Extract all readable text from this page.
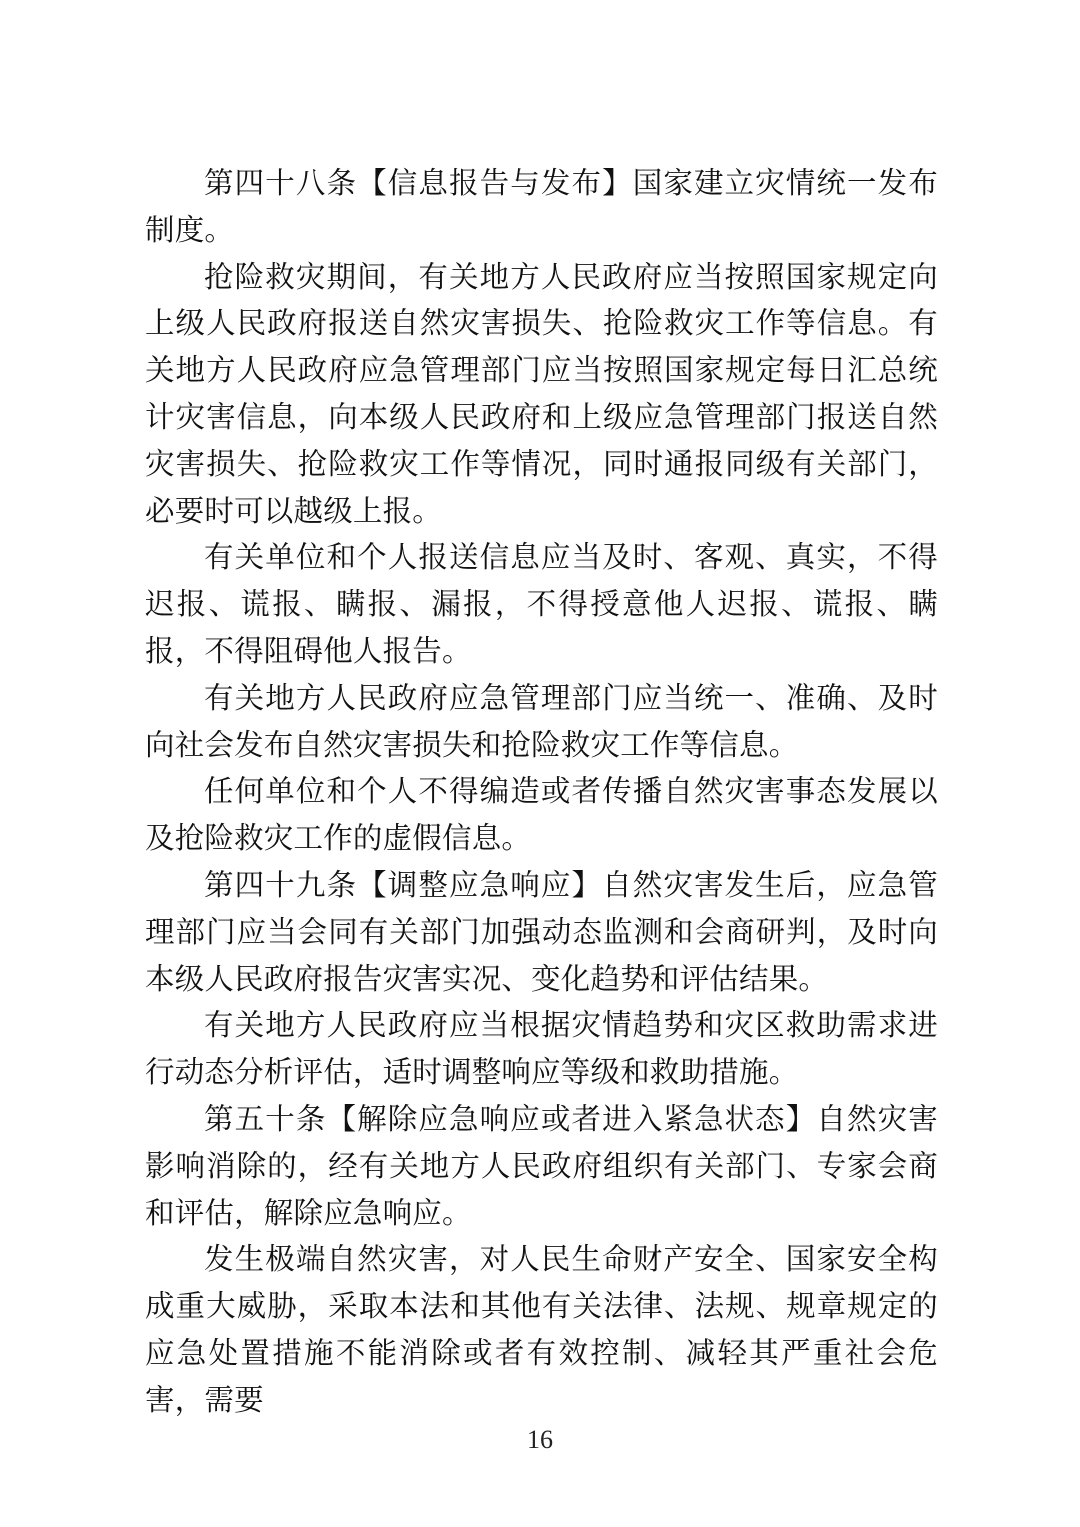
第四十八条【信息报告与发布】国家建立灾情统一发布制度。

抢险救灾期间，有关地方人民政府应当按照国家规定向上级人民政府报送自然灾害损失、抢险救灾工作等信息。有关地方人民政府应急管理部门应当按照国家规定每日汇总统计灾害信息，向本级人民政府和上级应急管理部门报送自然灾害损失、抢险救灾工作等情况，同时通报同级有关部门，必要时可以越级上报。

有关单位和个人报送信息应当及时、客观、真实，不得迟报、谎报、瞒报、漏报，不得授意他人迟报、谎报、瞒报，不得阻碍他人报告。

有关地方人民政府应急管理部门应当统一、准确、及时向社会发布自然灾害损失和抢险救灾工作等信息。

任何单位和个人不得编造或者传播自然灾害事态发展以及抢险救灾工作的虚假信息。

第四十九条【调整应急响应】自然灾害发生后，应急管理部门应当会同有关部门加强动态监测和会商研判，及时向本级人民政府报告灾害实况、变化趋势和评估结果。

有关地方人民政府应当根据灾情趋势和灾区救助需求进行动态分析评估，适时调整响应等级和救助措施。

第五十条【解除应急响应或者进入紧急状态】自然灾害影响消除的，经有关地方人民政府组织有关部门、专家会商和评估，解除应急响应。

发生极端自然灾害，对人民生命财产安全、国家安全构成重大威胁，采取本法和其他有关法律、法规、规章规定的应急处置措施不能消除或者有效控制、减轻其严重社会危害，需要

16
